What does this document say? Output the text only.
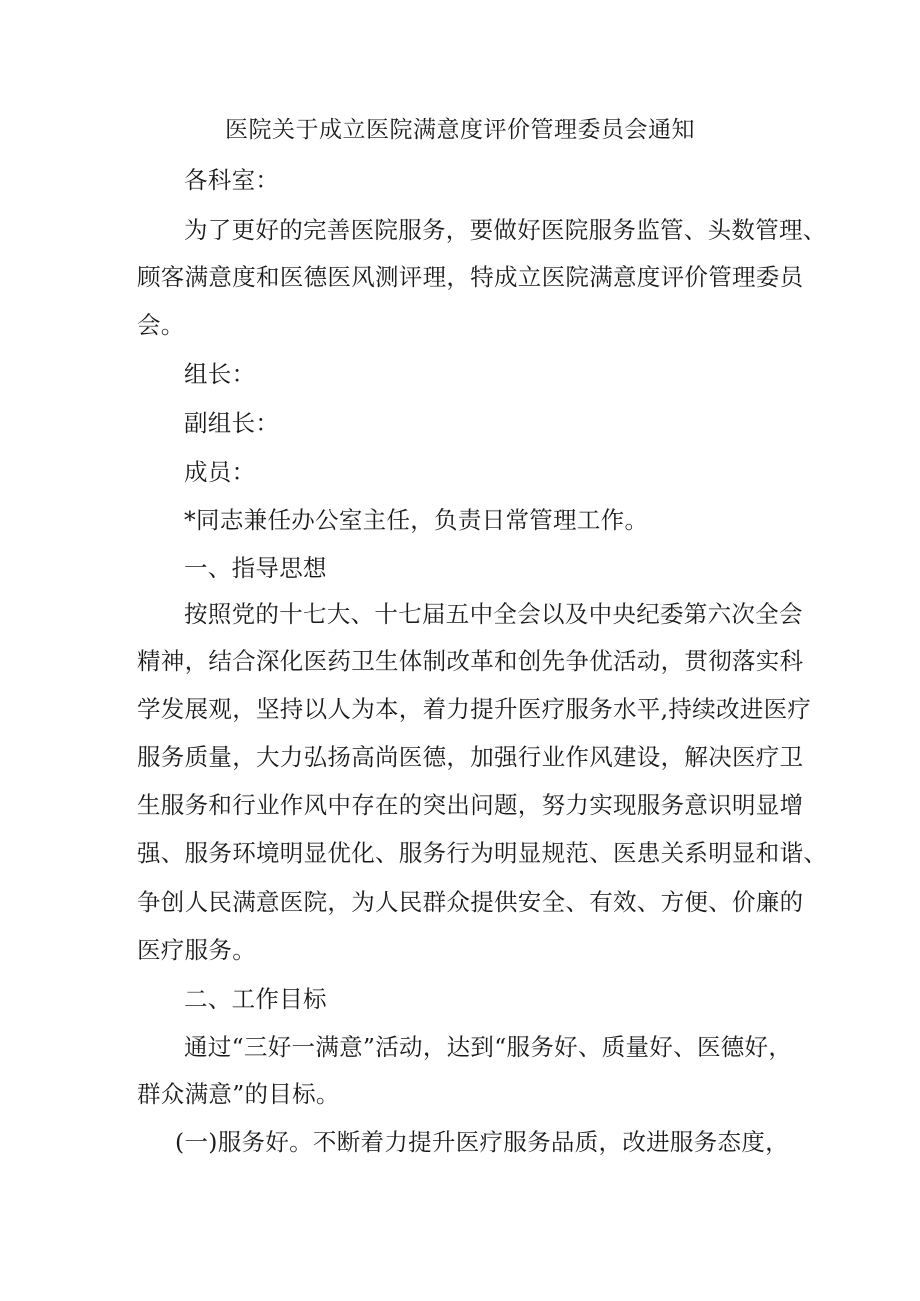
医院关于成立医院满意度评价管理委员会通知
各科室：
为了更好的完善医院服务，要做好医院服务监管、头数管理、
顾客满意度和医德医风测评理，特成立医院满意度评价管理委员
会。
组长：
副组长：
成员：
*同志兼任办公室主任，负责日常管理工作。
一、指导思想
按照党的十七大、十七届五中全会以及中央纪委第六次全会
精神，结合深化医药卫生体制改革和创先争优活动，贯彻落实科
学发展观，坚持以人为本，着力提升医疗服务水平,持续改进医疗
服务质量，大力弘扬高尚医德，加强行业作风建设，解决医疗卫
生服务和行业作风中存在的突出问题，努力实现服务意识明显增
强、服务环境明显优化、服务行为明显规范、医患关系明显和谐、
争创人民满意医院，为人民群众提供安全、有效、方便、价廉的
医疗服务。
二、工作目标
通过“三好一满意”活动，达到“服务好、质量好、医德好，
群众满意”的目标。
(一)服务好。不断着力提升医疗服务品质，改进服务态度，
